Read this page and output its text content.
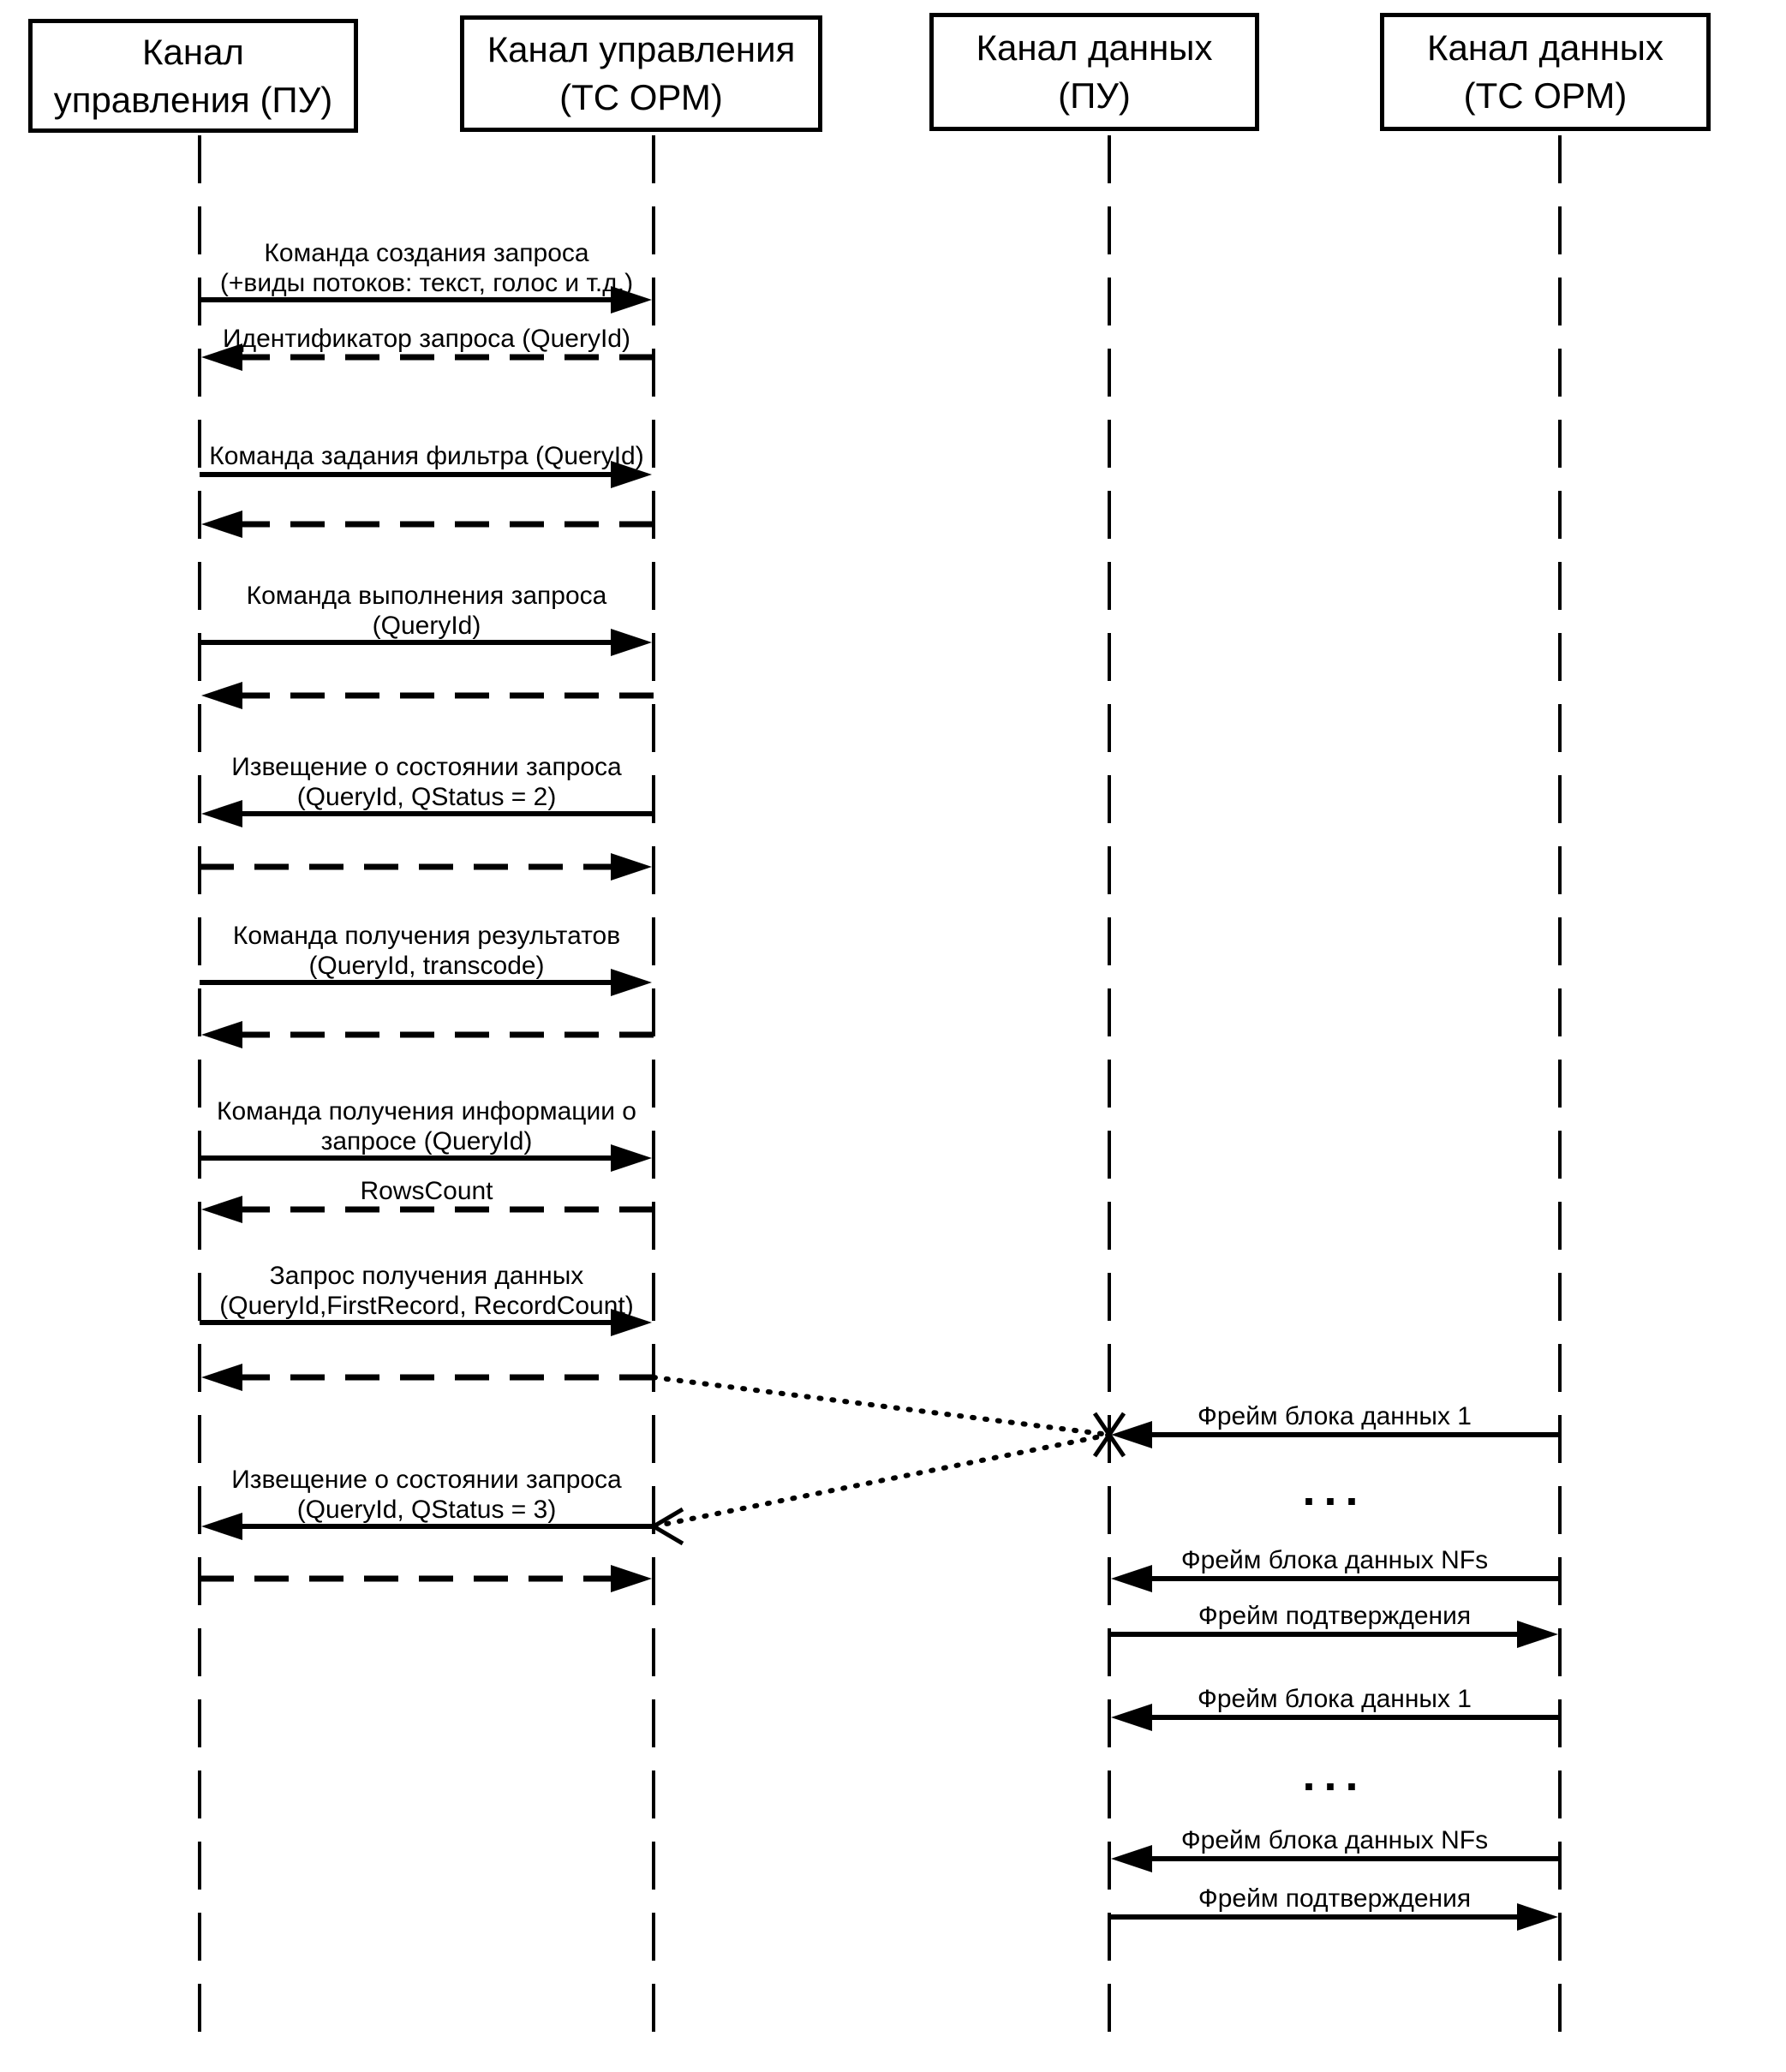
Команда создания запроса
(+виды потоков: текст, голос и т.д.)
Идентификатор запроса (QueryId)
Команда задания фильтра (QueryId)
Команда выполнения запроса
(QueryId)
Извещение о состоянии запроса
(QueryId, QStatus = 2)
Команда получения результатов
(QueryId, transcode)
Команда получения информации о
запросе (QueryId)
RowsCount
Запрос получения данных
(QueryId,FirstRecord, RecordCount)
Извещение о состоянии запроса
(QueryId, QStatus = 3)
Фрейм блока данных 1
Фрейм блока данных NFs
Фрейм подтверждения
Фрейм блока данных 1
Фрейм блока данных NFs
Фрейм подтверждения
...
...
Канал
управления (ПУ)
Канал управления
(ТС ОРМ)
Канал данных
(ПУ)
Канал данных
(ТС ОРМ)
